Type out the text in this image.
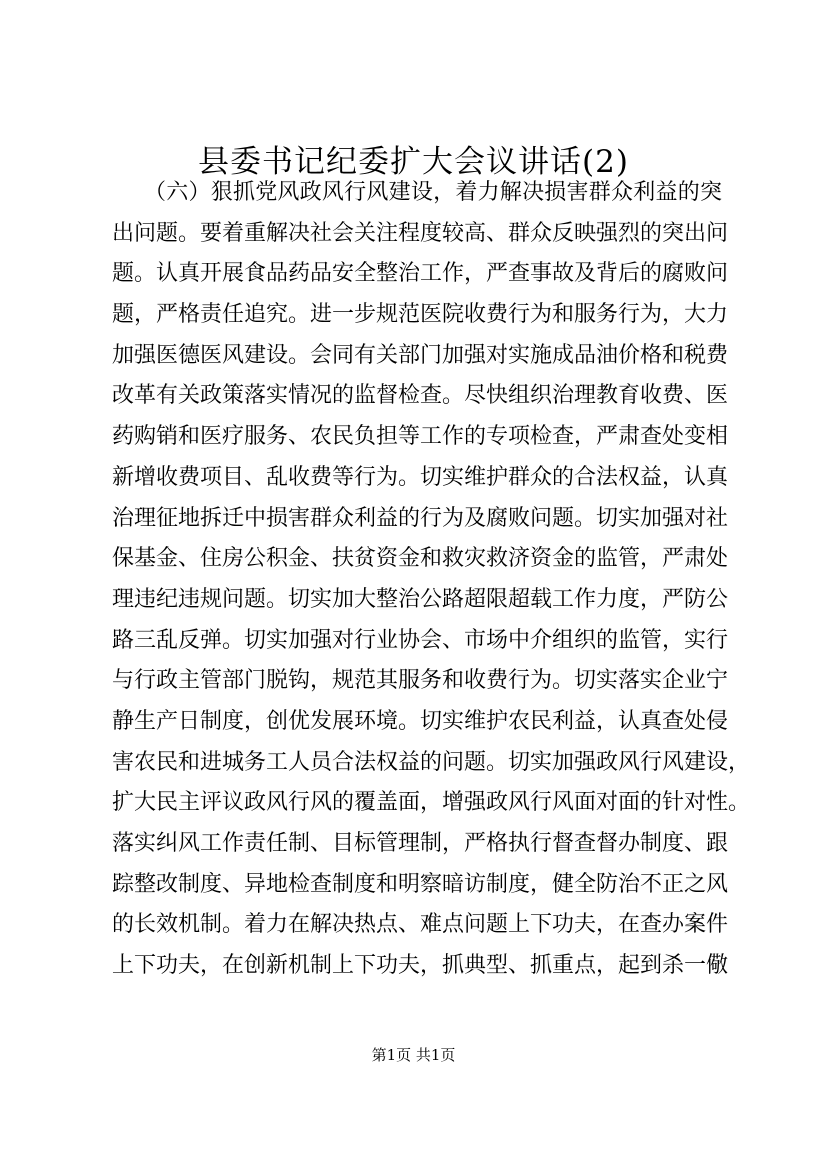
县委书记纪委扩大会议讲话(2)
（六）狠抓党风政风行风建设，着力解决损害群众利益的突
出问题。要着重解决社会关注程度较高、群众反映强烈的突出问
题。认真开展食品药品安全整治工作，严查事故及背后的腐败问
题，严格责任追究。进一步规范医院收费行为和服务行为，大力
加强医德医风建设。会同有关部门加强对实施成品油价格和税费
改革有关政策落实情况的监督检查。尽快组织治理教育收费、医
药购销和医疗服务、农民负担等工作的专项检查，严肃查处变相
新增收费项目、乱收费等行为。切实维护群众的合法权益，认真
治理征地拆迁中损害群众利益的行为及腐败问题。切实加强对社
保基金、住房公积金、扶贫资金和救灾救济资金的监管，严肃处
理违纪违规问题。切实加大整治公路超限超载工作力度，严防公
路三乱反弹。切实加强对行业协会、市场中介组织的监管，实行
与行政主管部门脱钩，规范其服务和收费行为。切实落实企业宁
静生产日制度，创优发展环境。切实维护农民利益，认真查处侵
害农民和进城务工人员合法权益的问题。切实加强政风行风建设，
扩大民主评议政风行风的覆盖面，增强政风行风面对面的针对性。
落实纠风工作责任制、目标管理制，严格执行督查督办制度、跟
踪整改制度、异地检查制度和明察暗访制度，健全防治不正之风
的长效机制。着力在解决热点、难点问题上下功夫，在查办案件
上下功夫，在创新机制上下功夫，抓典型、抓重点，起到杀一儆
第1页 共1页
